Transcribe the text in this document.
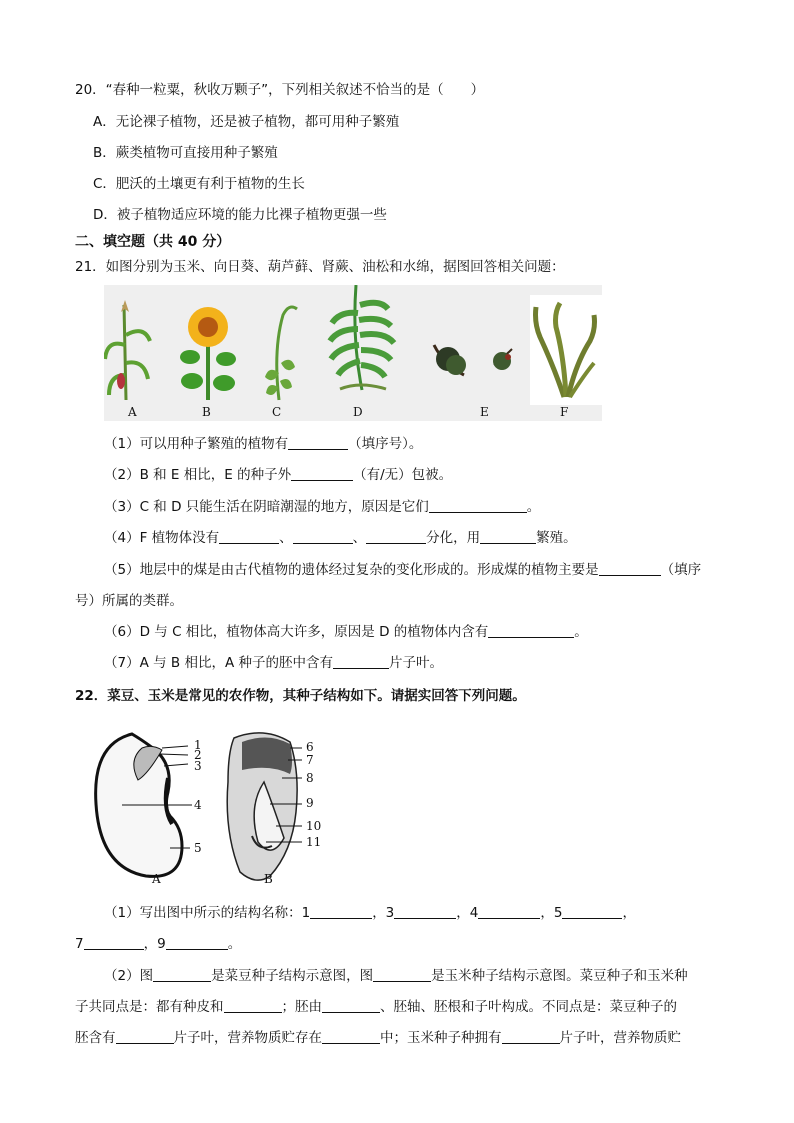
20．“春种一粒粟，秋收万颗子”，下列相关叙述不恰当的是（　　）
A．无论裸子植物，还是被子植物，都可用种子繁殖
B．蕨类植物可直接用种子繁殖
C．肥沃的土壤更有利于植物的生长
D．被子植物适应环境的能力比裸子植物更强一些
二、填空题（共 40 分）
21．如图分别为玉米、向日葵、葫芦藓、肾蕨、油松和水绵，据图回答相关问题：
A	B	C	D	E	F
（1）可以用种子繁殖的植物有	（填序号）。
（2）B 和 E 相比，E 的种子外	（有/无）包被。
（3）C 和 D 只能生活在阴暗潮湿的地方，原因是它们	。
（4）F 植物体没有	、	、	分化，用	繁殖。
（5）地层中的煤是由古代植物的遗体经过复杂的变化形成的。形成煤的植物主要是	（填序
号）所属的类群。
（6）D 与 C 相比，植物体高大许多，原因是 D 的植物体内含有	。
（7）A 与 B 相比，A 种子的胚中含有	片子叶。
22．菜豆、玉米是常见的农作物，其种子结构如下。请据实回答下列问题。
1
2
3
4
5
6
7
8
9
10
11
A	B
（1）写出图中所示的结构名称：1	，3	，4	，5	，
7	，9	。
（2）图	是菜豆种子结构示意图，图	是玉米种子结构示意图。菜豆种子和玉米种
子共同点是：都有种皮和	；胚由	、胚轴、胚根和子叶构成。不同点是：菜豆种子的
胚含有	片子叶，营养物质贮存在	中；玉米种子种拥有	片子叶，营养物质贮
